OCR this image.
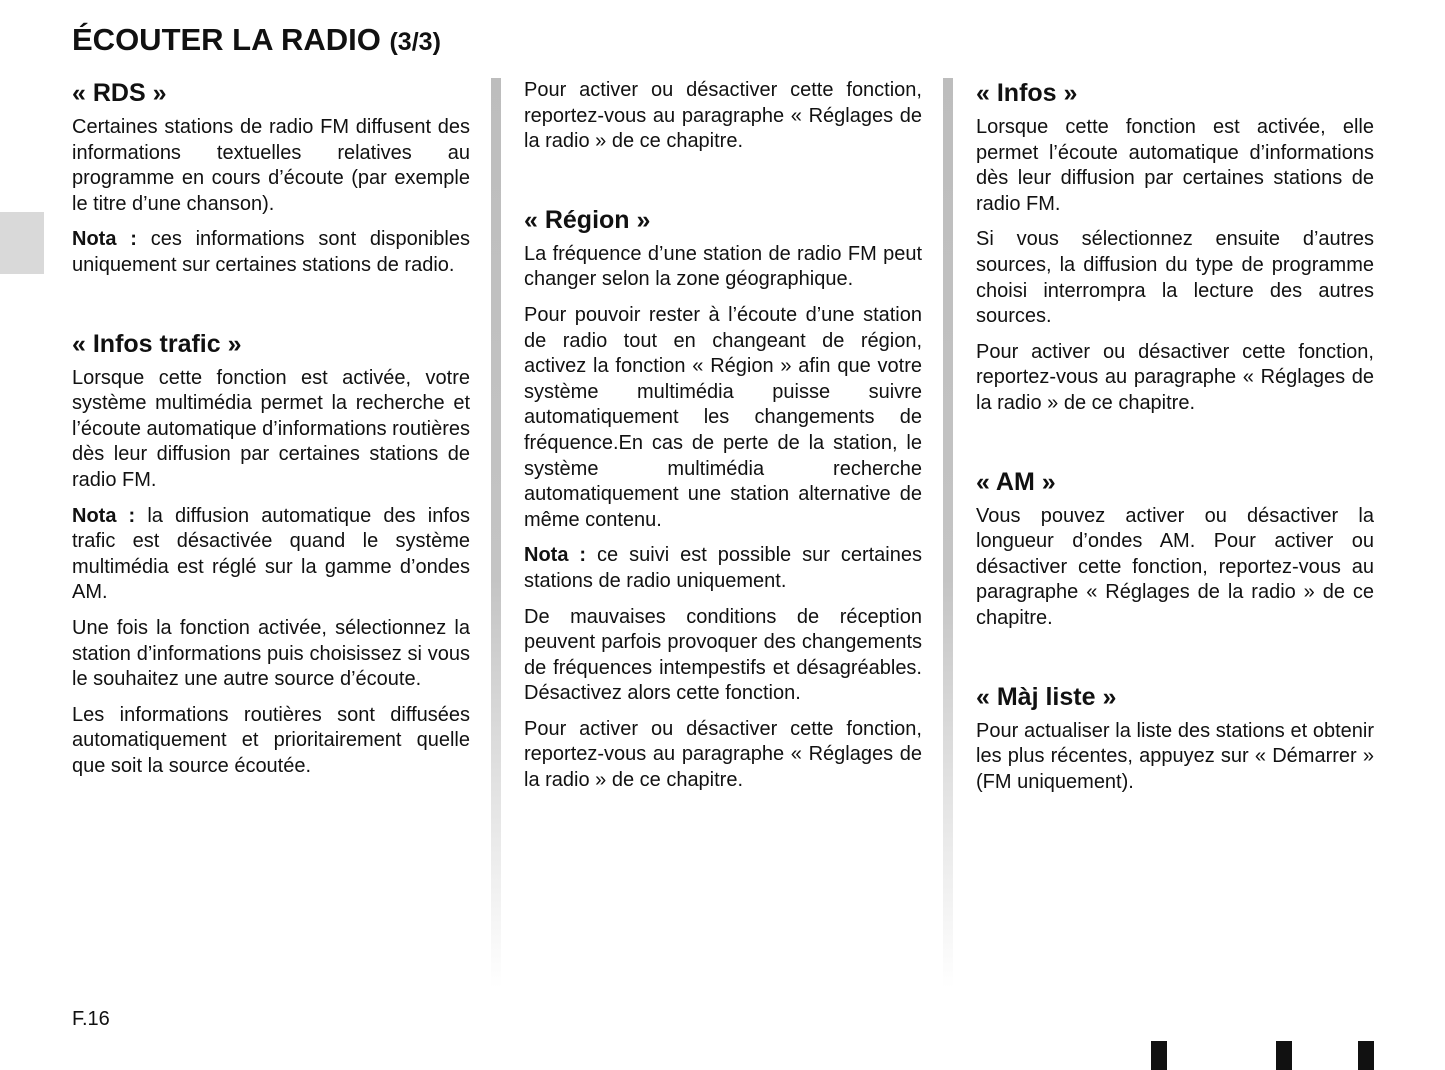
ÉCOUTER LA RADIO (3/3)
« RDS »

Certaines stations de radio FM diffusent des informations textuelles relatives au programme en cours d’écoute (par exemple le titre d’une chanson).

Nota : ces informations sont disponibles uniquement sur certaines stations de radio.

« Infos trafic »

Lorsque cette fonction est activée, votre système multimédia permet la recherche et l’écoute automatique d’informations routières dès leur diffusion par certaines stations de radio FM.

Nota : la diffusion automatique des infos trafic est désactivée quand le système multimédia est réglé sur la gamme d’ondes AM.

Une fois la fonction activée, sélectionnez la station d’informations puis choisissez si vous le souhaitez une autre source d’écoute.

Les informations routières sont diffusées automatiquement et prioritairement quelle que soit la source écoutée.

Pour activer ou désactiver cette fonction, reportez-vous au paragraphe « Réglages de la radio » de ce chapitre.

« Région »

La fréquence d’une station de radio FM peut changer selon la zone géographique.

Pour pouvoir rester à l’écoute d’une station de radio tout en changeant de région, activez la fonction « Région » afin que votre système multimédia puisse suivre automatiquement les changements de fréquence.En cas de perte de la station, le système multimédia recherche automatiquement une station alternative de même contenu.

Nota : ce suivi est possible sur certaines stations de radio uniquement.

De mauvaises conditions de réception peuvent parfois provoquer des changements de fréquences intempestifs et désagréables. Désactivez alors cette fonction.

Pour activer ou désactiver cette fonction, reportez-vous au paragraphe « Réglages de la radio » de ce chapitre.

« Infos »

Lorsque cette fonction est activée, elle permet l’écoute automatique d’informations dès leur diffusion par certaines stations de radio FM.

Si vous sélectionnez ensuite d’autres sources, la diffusion du type de programme choisi interrompra la lecture des autres sources.

Pour activer ou désactiver cette fonction, reportez-vous au paragraphe « Réglages de la radio » de ce chapitre.

« AM »

Vous pouvez activer ou désactiver la longueur d’ondes AM. Pour activer ou désactiver cette fonction, reportez-vous au paragraphe « Réglages de la radio » de ce chapitre.

« Màj liste »

Pour actualiser la liste des stations et obtenir les plus récentes, appuyez sur « Démarrer » (FM uniquement).

F.16
